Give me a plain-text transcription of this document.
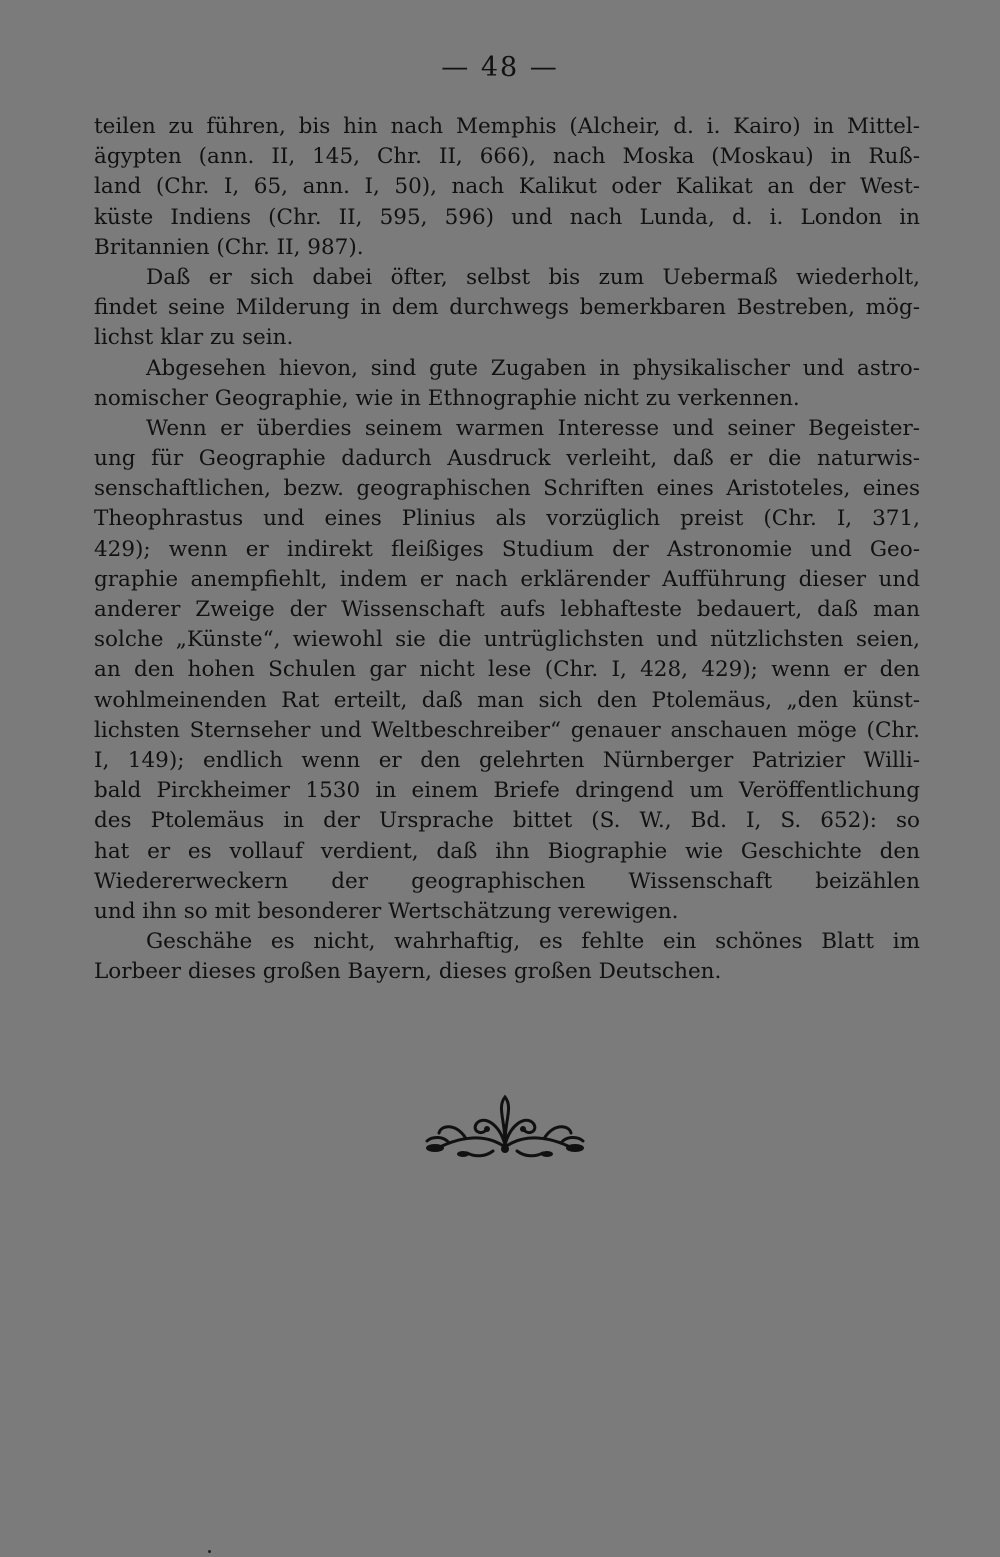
— 48 —
teilen zu führen, bis hin nach Memphis (Alcheir, d. i. Kairo) in Mittel-
ägypten (ann. II, 145, Chr. II, 666), nach Moska (Moskau) in Ruß-
land (Chr. I, 65, ann. I, 50), nach Kalikut oder Kalikat an der West-
küste Indiens (Chr. II, 595, 596) und nach Lunda, d. i. London in
Britannien (Chr. II, 987).
Daß er sich dabei öfter, selbst bis zum Uebermaß wiederholt,
findet seine Milderung in dem durchwegs bemerkbaren Bestreben, mög-
lichst klar zu sein.
Abgesehen hievon, sind gute Zugaben in physikalischer und astro-
nomischer Geographie, wie in Ethnographie nicht zu verkennen.
Wenn er überdies seinem warmen Interesse und seiner Begeister-
ung für Geographie dadurch Ausdruck verleiht, daß er die naturwis-
senschaftlichen, bezw. geographischen Schriften eines Aristoteles, eines
Theophrastus und eines Plinius als vorzüglich preist (Chr. I, 371,
429); wenn er indirekt fleißiges Studium der Astronomie und Geo-
graphie anempfiehlt, indem er nach erklärender Aufführung dieser und
anderer Zweige der Wissenschaft aufs lebhafteste bedauert, daß man
solche „Künste“, wiewohl sie die untrüglichsten und nützlichsten seien,
an den hohen Schulen gar nicht lese (Chr. I, 428, 429); wenn er den
wohlmeinenden Rat erteilt, daß man sich den Ptolemäus, „den künst-
lichsten Sternseher und Weltbeschreiber“ genauer anschauen möge (Chr.
I, 149); endlich wenn er den gelehrten Nürnberger Patrizier Willi-
bald Pirckheimer 1530 in einem Briefe dringend um Veröffentlichung
des Ptolemäus in der Ursprache bittet (S. W., Bd. I, S. 652): so
hat er es vollauf verdient, daß ihn Biographie wie Geschichte den
Wiedererweckern der geographischen Wissenschaft beizählen
und ihn so mit besonderer Wertschätzung verewigen.
Geschähe es nicht, wahrhaftig, es fehlte ein schönes Blatt im
Lorbeer dieses großen Bayern, dieses großen Deutschen.
